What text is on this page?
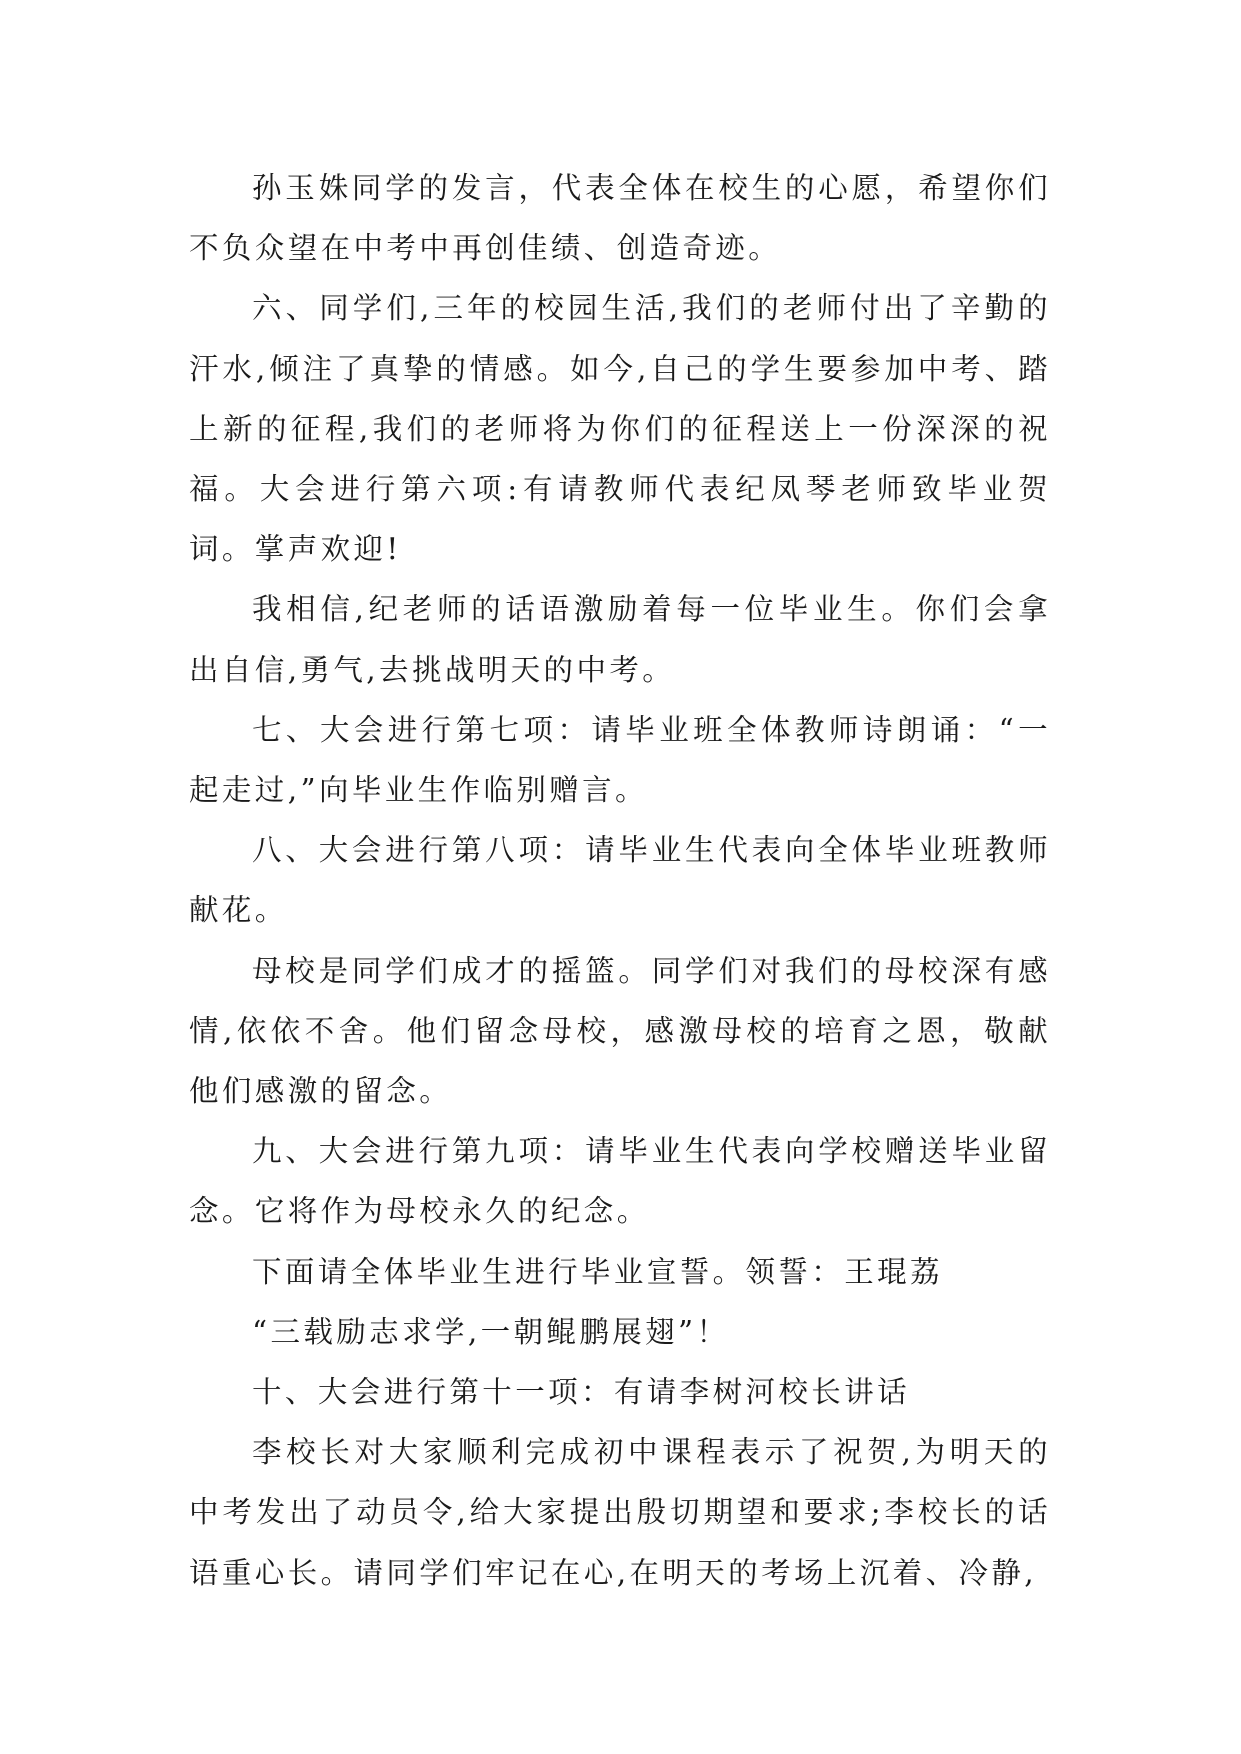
孙玉姝同学的发言，代表全体在校生的心愿，希望你们不负众望在中考中再创佳绩、创造奇迹。

六、同学们,三年的校园生活,我们的老师付出了辛勤的汗水,倾注了真挚的情感。如今,自己的学生要参加中考、踏上新的征程,我们的老师将为你们的征程送上一份深深的祝福。大会进行第六项:有请教师代表纪凤琴老师致毕业贺词。掌声欢迎!

我相信,纪老师的话语激励着每一位毕业生。你们会拿出自信,勇气,去挑战明天的中考。

七、大会进行第七项：请毕业班全体教师诗朗诵：“一起走过,”向毕业生作临别赠言。

八、大会进行第八项：请毕业生代表向全体毕业班教师献花。

母校是同学们成才的摇篮。同学们对我们的母校深有感情,依依不舍。他们留念母校，感激母校的培育之恩，敬献他们感激的留念。

九、大会进行第九项：请毕业生代表向学校赠送毕业留念。它将作为母校永久的纪念。

下面请全体毕业生进行毕业宣誓。领誓：王琨荔

“三载励志求学,一朝鲲鹏展翅”！

十、大会进行第十一项：有请李树河校长讲话

李校长对大家顺利完成初中课程表示了祝贺,为明天的中考发出了动员令,给大家提出殷切期望和要求;李校长的话语重心长。请同学们牢记在心,在明天的考场上沉着、冷静,
